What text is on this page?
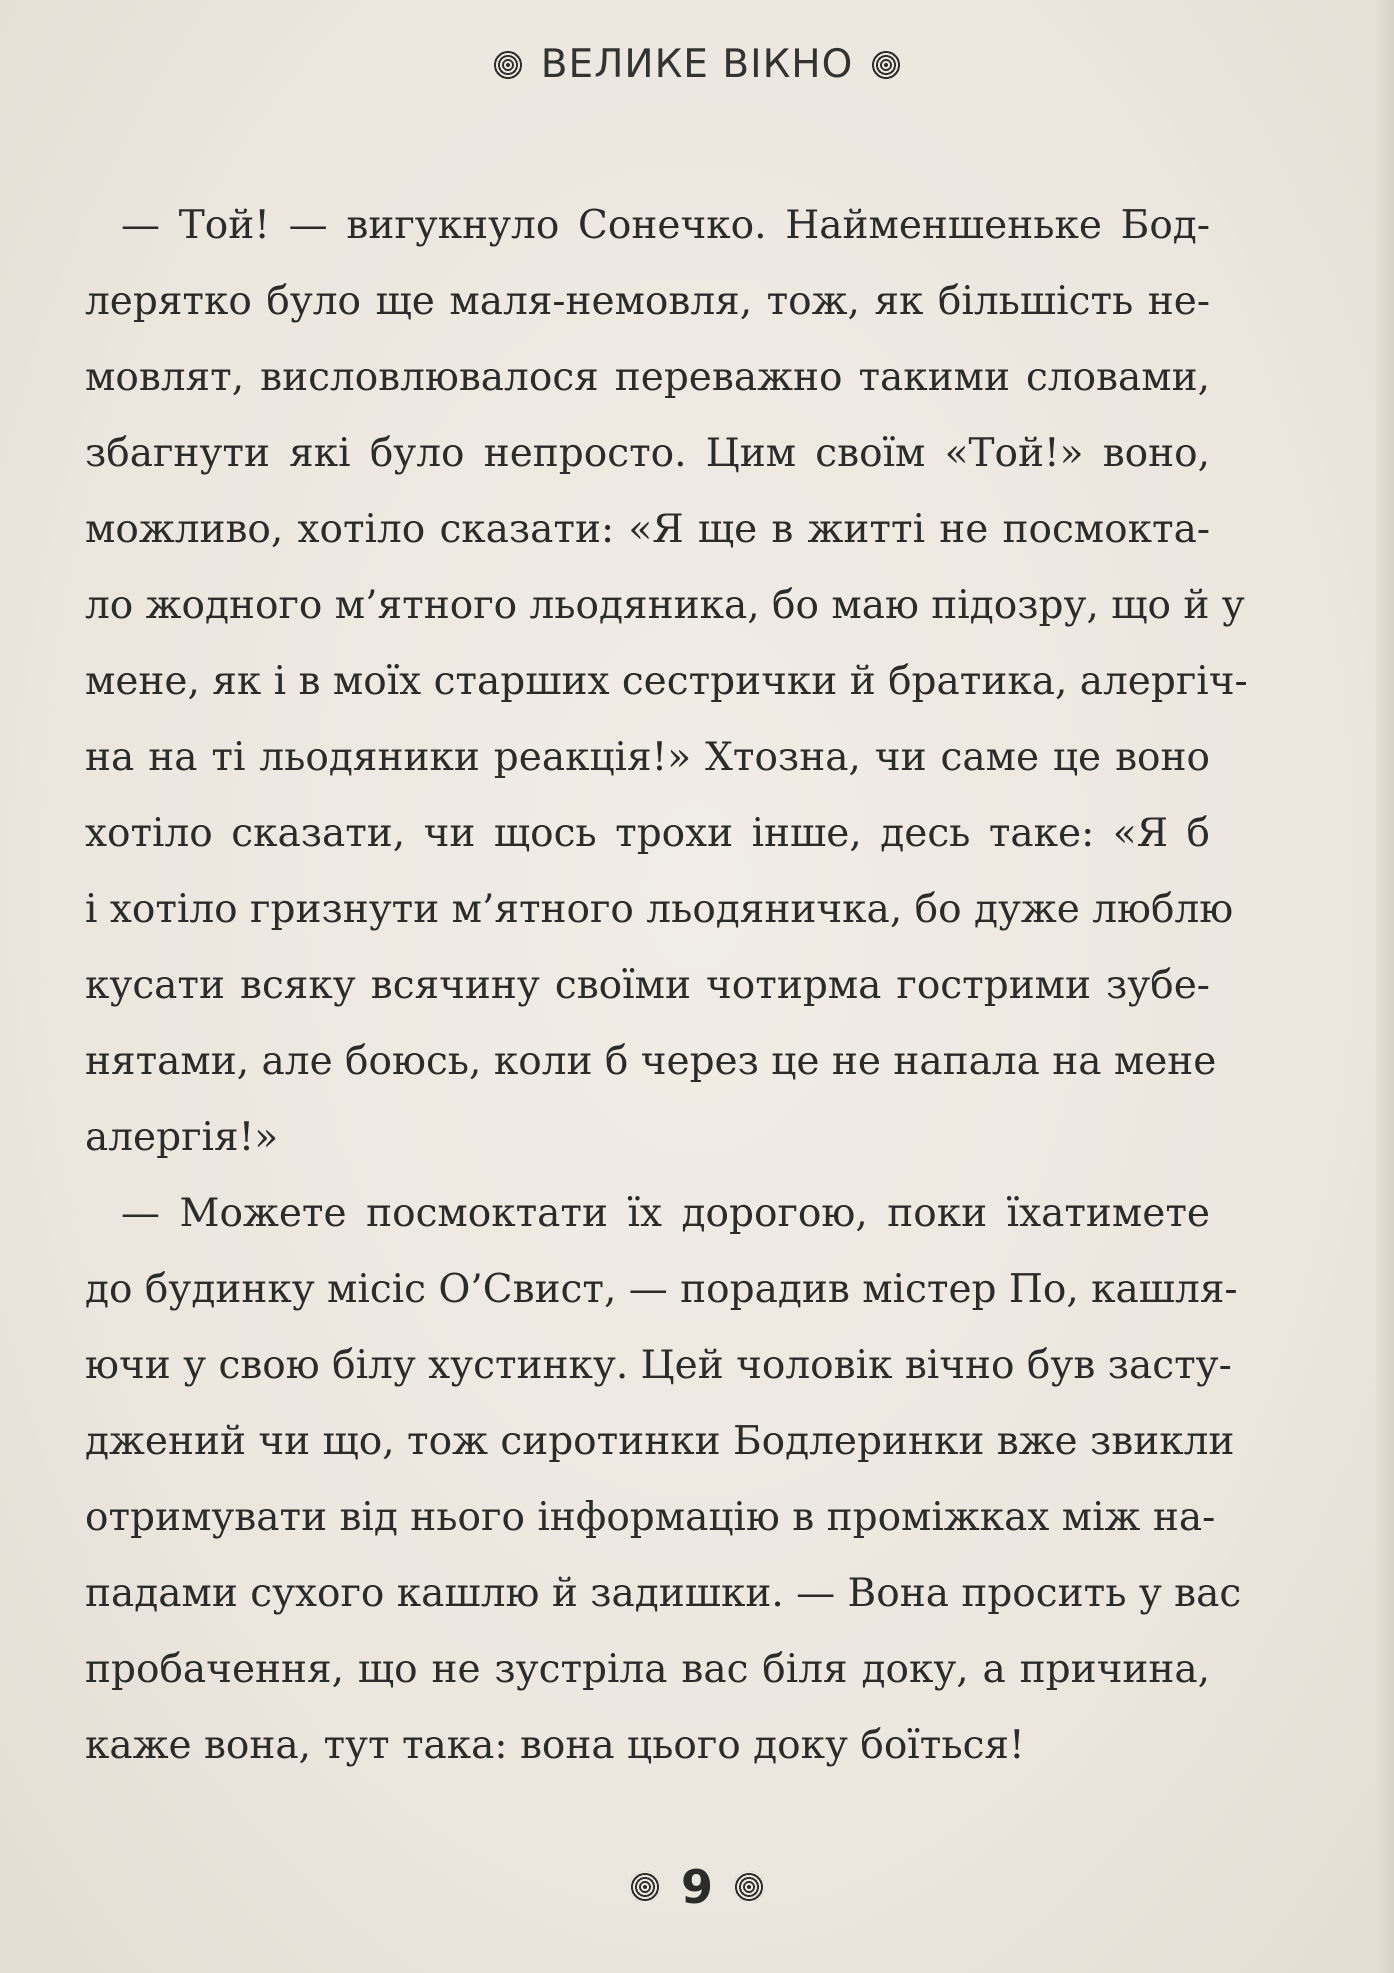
ВЕЛИКЕ ВІКНО
— Той! — вигукнуло Сонечко. Найменшеньке Бод-
лерятко було ще маля-немовля, тож, як більшість не-
мовлят, висловлювалося переважно такими словами,
збагнути які було непросто. Цим своїм «Той!» воно,
можливо, хотіло сказати: «Я ще в житті не посмокта-
ло жодного м’ятного льодяника, бо маю підозру, що й у
мене, як і в моїх старших сестрички й братика, алергіч-
на на ті льодяники реакція!» Хтозна, чи саме це воно
хотіло сказати, чи щось трохи інше, десь таке: «Я б
і хотіло гризнути м’ятного льодяничка, бо дуже люблю
кусати всяку всячину своїми чотирма гострими зубе-
нятами, але боюсь, коли б через це не напала на мене
алергія!»
— Можете посмоктати їх дорогою, поки їхатимете
до будинку місіс О’Свист, — порадив містер По, кашля-
ючи у свою білу хустинку. Цей чоловік вічно був засту-
джений чи що, тож сиротинки Бодлеринки вже звикли
отримувати від нього інформацію в проміжках між на-
падами сухого кашлю й задишки. — Вона просить у вас
пробачення, що не зустріла вас біля доку, а причина,
каже вона, тут така: вона цього доку боїться!
9
